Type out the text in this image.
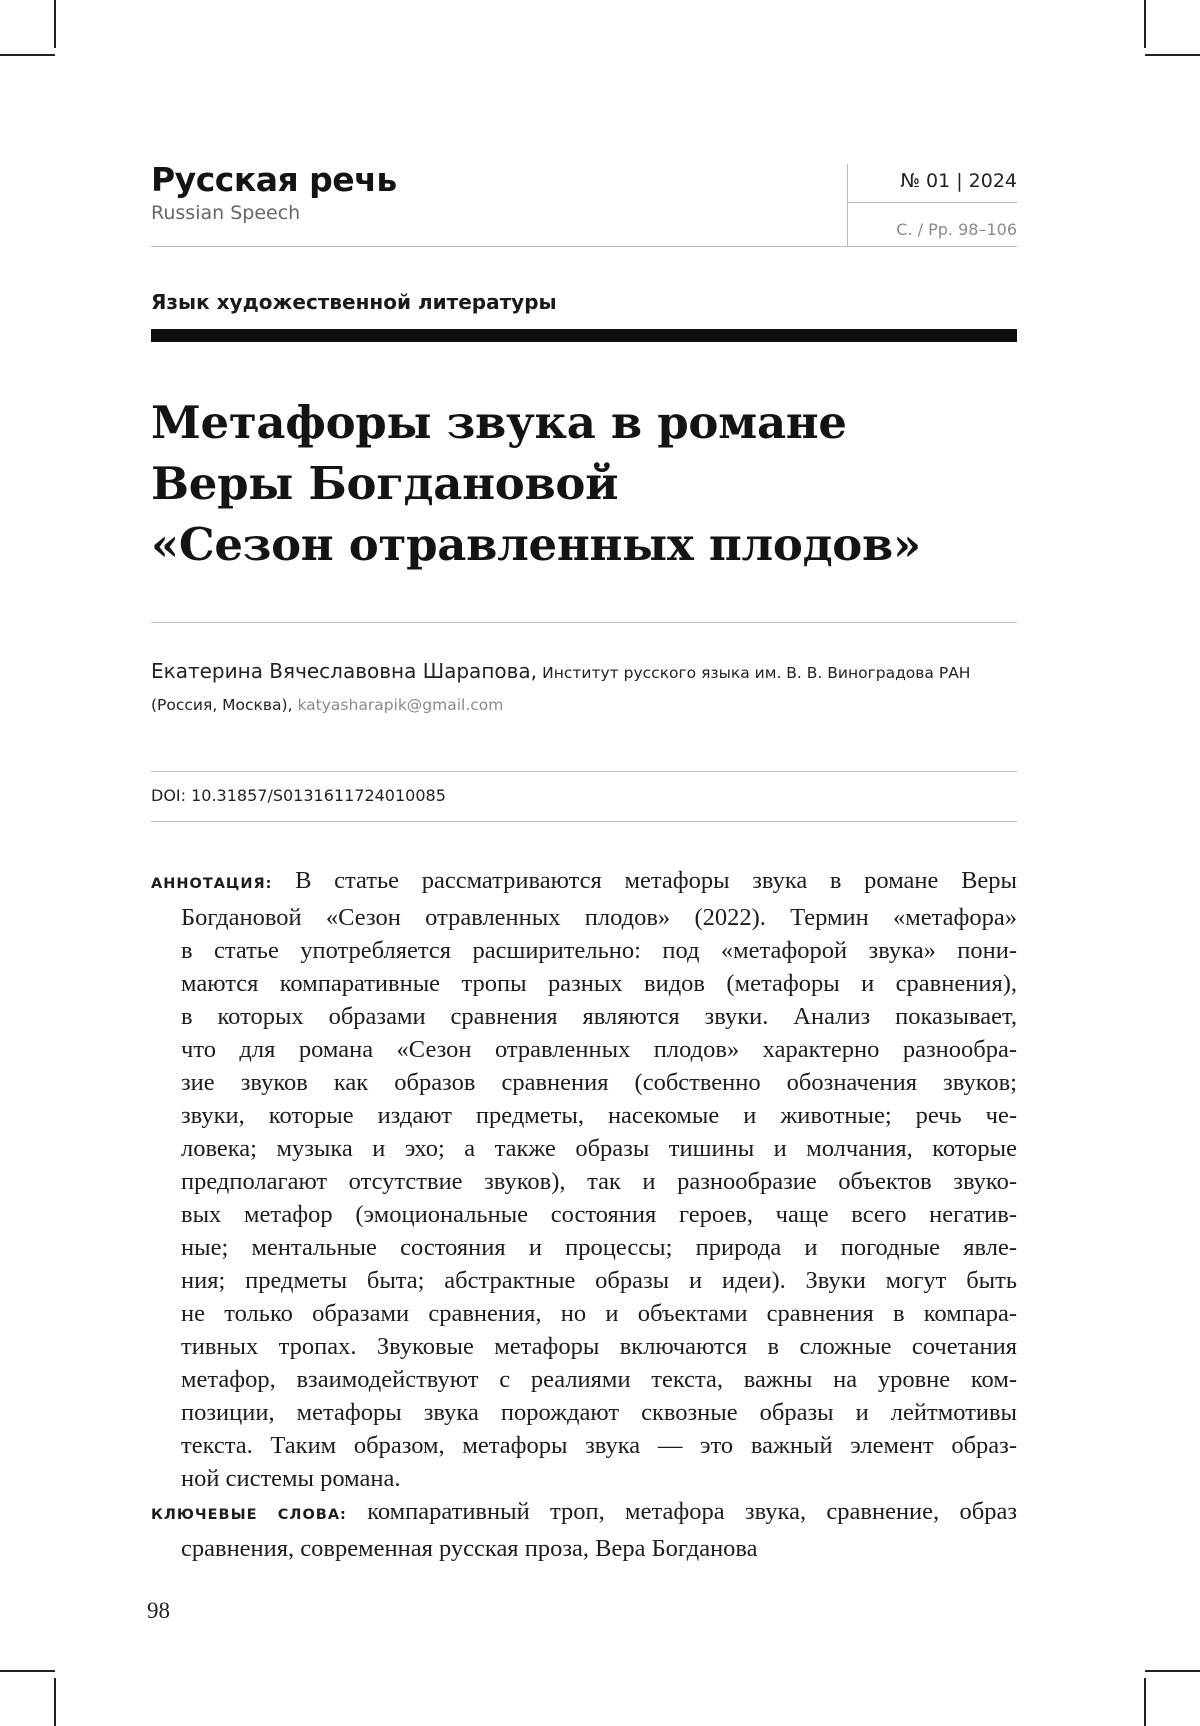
Русская речь
Russian Speech
№ 01 | 2024
С. / Pp. 98–106
Язык художественной литературы
Метафоры звука в романе
Веры Богдановой
«Сезон отравленных плодов»
Екатерина Вячеславовна Шарапова, Институт русского языка им. В. В. Виноградова РАН
(Россия, Москва), katyasharapik@gmail.com
DOI: 10.31857/S0131611724010085
АННОТАЦИЯ: В статье рассматриваются метафоры звука в романе Веры
Богдановой «Сезон отравленных плодов» (2022). Термин «метафора»
в статье употребляется расширительно: под «метафорой звука» пони-
маются компаративные тропы разных видов (метафоры и сравнения),
в которых образами сравнения являются звуки. Анализ показывает,
что для романа «Сезон отравленных плодов» характерно разнообра-
зие звуков как образов сравнения (собственно обозначения звуков;
звуки, которые издают предметы, насекомые и животные; речь че-
ловека; музыка и эхо; а также образы тишины и молчания, которые
предполагают отсутствие звуков), так и разнообразие объектов звуко-
вых метафор (эмоциональные состояния героев, чаще всего негатив-
ные; ментальные состояния и процессы; природа и погодные явле-
ния; предметы быта; абстрактные образы и идеи). Звуки могут быть
не только образами сравнения, но и объектами сравнения в компара-
тивных тропах. Звуковые метафоры включаются в сложные сочетания
метафор, взаимодействуют с реалиями текста, важны на уровне ком-
позиции, метафоры звука порождают сквозные образы и лейтмотивы
текста. Таким образом, метафоры звука — это важный элемент образ-
ной системы романа.
КЛЮЧЕВЫЕ СЛОВА: компаративный троп, метафора звука, сравнение, образ
сравнения, современная русская проза, Вера Богданова
98
